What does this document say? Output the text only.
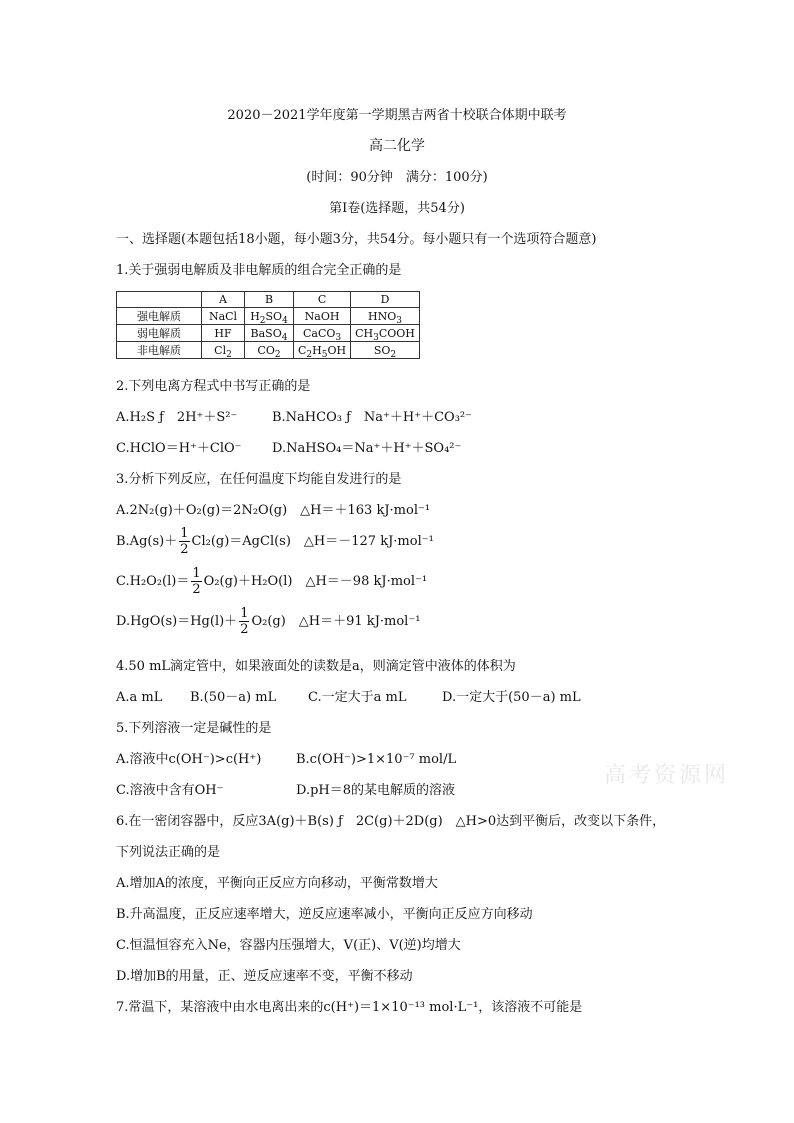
2020－2021学年度第一学期黑吉两省十校联合体期中联考
高二化学
(时间：90分钟　满分：100分)
第Ⅰ卷(选择题，共54分)
一、选择题(本题包括18小题，每小题3分，共54分。每小题只有一个选项符合题意)
1.关于强弱电解质及非电解质的组合完全正确的是
	A	B	C	D
强电解质	NaCl	$H_2SO_4$	NaOH	$HNO_3$
弱电解质	HF	BaSO$_4$	CaCO$_3$	$CH_3COOH$
非电解质	$Cl_2$	$CO_2$	$C_2H_5OH$	$SO_2$
2.下列电离方程式中书写正确的是
A.H₂S ƒ　2H⁺＋S²⁻	B.NaHCO₃ ƒ　Na⁺＋H⁺＋CO₃²⁻
C.HClO＝H⁺＋ClO⁻ D.NaHSO₄＝Na⁺＋H⁺＋SO₄²⁻
3.分析下列反应，在任何温度下均能自发进行的是
A.2N₂(g)＋O₂(g)＝2N₂O(g)　△H＝＋163 kJ·mol⁻¹
$B.Ag(s)+ \frac{1}{2}$ Cl₂(g)＝AgCl(s)　△H＝－127 kJ·mol⁻¹
$C.H_2O_2(l)= \frac{1}{2} O_2(g)+H_2O(l)$　△H＝－98 kJ·mol⁻¹
$D.HgO(s)=Hg(l)+ \frac{1}{2} O_2(g)$　△H＝＋91 kJ·mol⁻¹
4.50 mL滴定管中，如果液面处的读数是a，则滴定管中液体的体积为
A.a mL B.(50－a) mL C.一定大于a mL	D.一定大于(50－a) mL
5.下列溶液一定是碱性的是
A.溶液中c(OH⁻)>c(H⁺)	B.c(OH⁻)>1×10⁻⁷ mol/L
C.溶液中含有OH⁻	D.pH＝8的某电解质的溶液
6.在一密闭容器中，反应3A(g)＋B(s) ƒ　2C(g)＋2D(g)　△H>0达到平衡后，改变以下条件，
下列说法正确的是
A.增加A的浓度，平衡向正反应方向移动，平衡常数增大
B.升高温度，正反应速率增大，逆反应速率减小，平衡向正反应方向移动
C.恒温恒容充入Ne，容器内压强增大，V(正)、V(逆)均增大
D.增加B的用量，正、逆反应速率不变，平衡不移动
7.常温下，某溶液中由水电离出来的c(H⁺)＝1×10⁻¹³ mol·L⁻¹，该溶液不可能是
高考资源网
